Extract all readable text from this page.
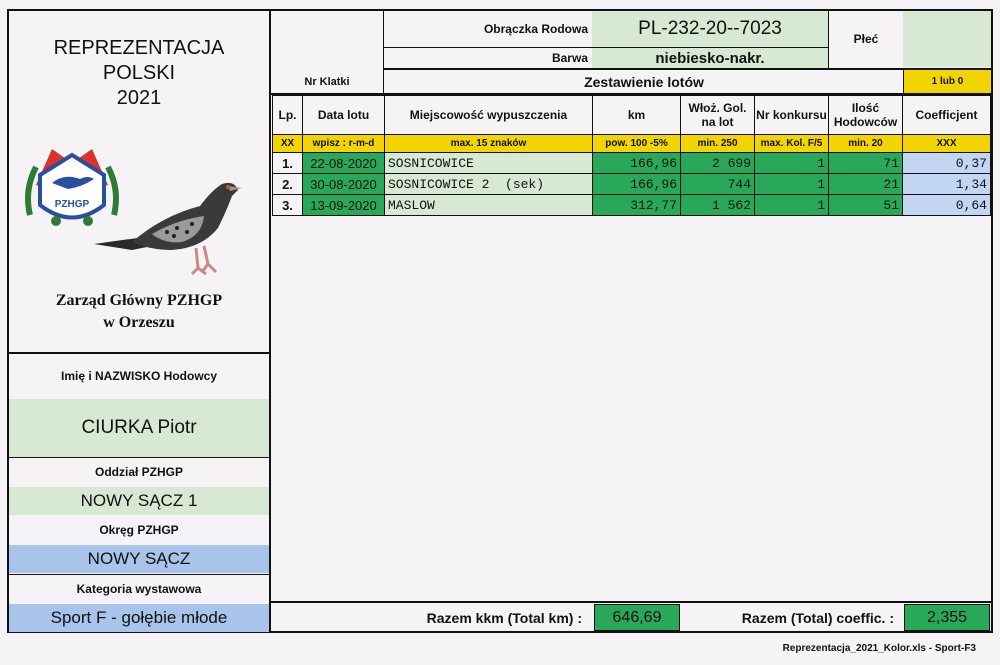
REPREZENTACJA
POLSKI
2021
PZHGP
Zarząd Główny PZHGP
w Orzeszu
Imię i NAZWISKO Hodowcy
CIURKA Piotr
Oddział PZHGP
NOWY SĄCZ 1
Okręg PZHGP
NOWY SĄCZ
Kategoria wystawowa
Sport F - gołębie młode
Nr Klatki
Obrączka Rodowa	PL-232-20--7023
Barwa	niebiesko-nakr.
Płeć
Zestawienie lotów	1 lub 0
Lp.	Data lotu	Miejscowość wypuszczenia	km	Włoż. Gol. na lot	Nr konkursu	Ilość Hodowców	Coefficjent
XX	wpisz : r-m-d	max. 15 znaków	pow. 100 -5%	min. 250	max. Kol. F/5	min. 20	XXX
1.	22-08-2020	SOSNICOWICE	166,96	2 699	1	71	0,37
2.	30-08-2020	SOSNICOWICE 2  (sek)	166,96	744	1	21	1,34
3.	13-09-2020	MASLOW	312,77	1 562	1	51	0,64
Razem kkm (Total km) :	646,69	Razem (Total) coeffic. :	2,355
Reprezentacja_2021_Kolor.xls - Sport-F3
